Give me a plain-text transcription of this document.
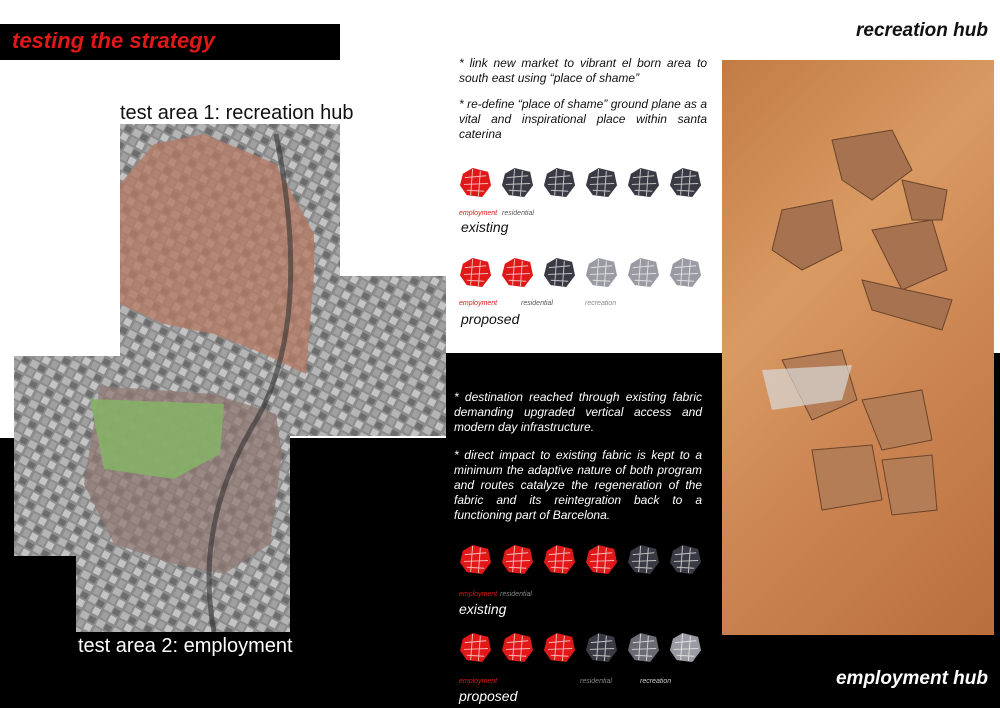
testing the strategy	recreation hub
test area 1: recreation hub
test area 2: employment
* link new market to vibrant el born area to south east using “place of shame”
* re-define “place of shame” ground plane as a vital and inspirational place within santa caterina
employment residential
existing
employment	residential	recreation
proposed
* destination reached through existing fabric demanding upgraded vertical access and modern day infrastructure.
* direct impact to existing fabric is kept to a minimum the adaptive nature of both program and routes catalyze the regeneration of the fabric and its reintegration back to a functioning part of Barcelona.
employment residential
existing
employment	residential	recreation
proposed
employment hub
